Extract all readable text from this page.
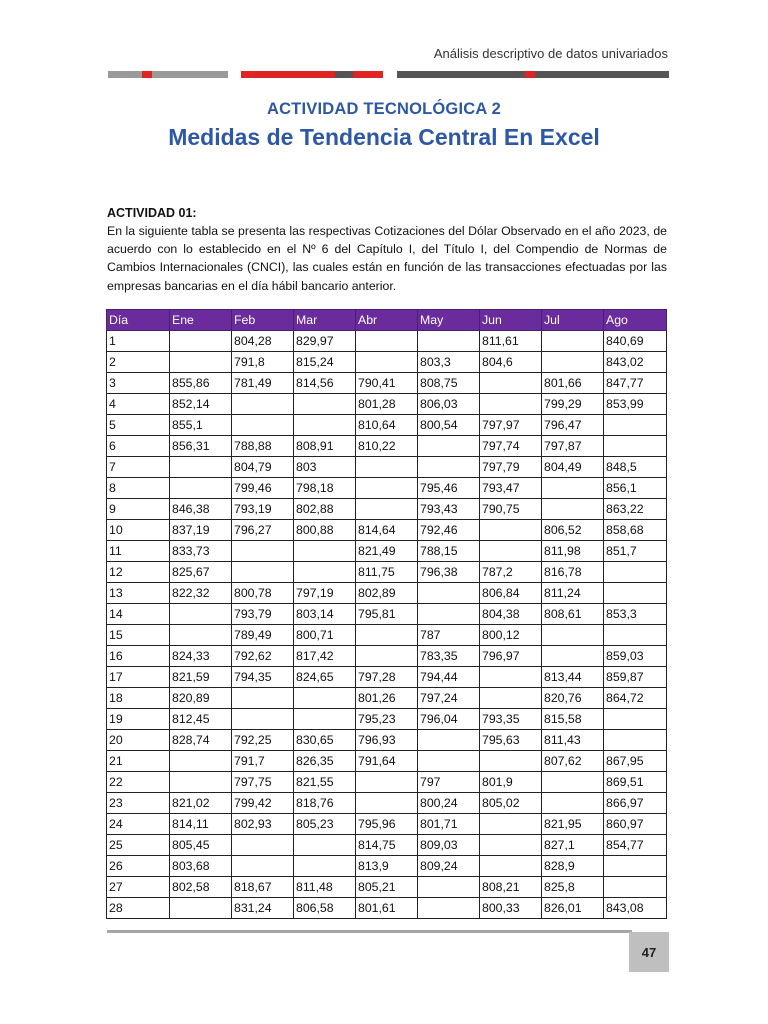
Análisis descriptivo de datos univariados
ACTIVIDAD TECNOLÓGICA 2
Medidas de Tendencia Central En Excel
ACTIVIDAD 01:

En la siguiente tabla se presenta las respectivas Cotizaciones del Dólar Observado en el año 2023, de acuerdo con lo establecido en el Nº 6 del Capítulo I, del Título I, del Compendio de Normas de Cambios Internacionales (CNCI), las cuales están en función de las transacciones efectuadas por las empresas bancarias en el día hábil bancario anterior.

Día	Ene	Feb	Mar	Abr	May	Jun	Jul	Ago
1		804,28	829,97			811,61		840,69
2		791,8	815,24		803,3	804,6		843,02
3	855,86	781,49	814,56	790,41	808,75		801,66	847,77
4	852,14			801,28	806,03		799,29	853,99
5	855,1			810,64	800,54	797,97	796,47	
6	856,31	788,88	808,91	810,22		797,74	797,87	
7		804,79	803			797,79	804,49	848,5
8		799,46	798,18		795,46	793,47		856,1
9	846,38	793,19	802,88		793,43	790,75		863,22
10	837,19	796,27	800,88	814,64	792,46		806,52	858,68
11	833,73			821,49	788,15		811,98	851,7
12	825,67			811,75	796,38	787,2	816,78	
13	822,32	800,78	797,19	802,89		806,84	811,24	
14		793,79	803,14	795,81		804,38	808,61	853,3
15		789,49	800,71		787	800,12		
16	824,33	792,62	817,42		783,35	796,97		859,03
17	821,59	794,35	824,65	797,28	794,44		813,44	859,87
18	820,89			801,26	797,24		820,76	864,72
19	812,45			795,23	796,04	793,35	815,58	
20	828,74	792,25	830,65	796,93		795,63	811,43	
21		791,7	826,35	791,64			807,62	867,95
22		797,75	821,55		797	801,9		869,51
23	821,02	799,42	818,76		800,24	805,02		866,97
24	814,11	802,93	805,23	795,96	801,71		821,95	860,97
25	805,45			814,75	809,03		827,1	854,77
26	803,68			813,9	809,24		828,9	
27	802,58	818,67	811,48	805,21		808,21	825,8	
28		831,24	806,58	801,61		800,33	826,01	843,08
47
